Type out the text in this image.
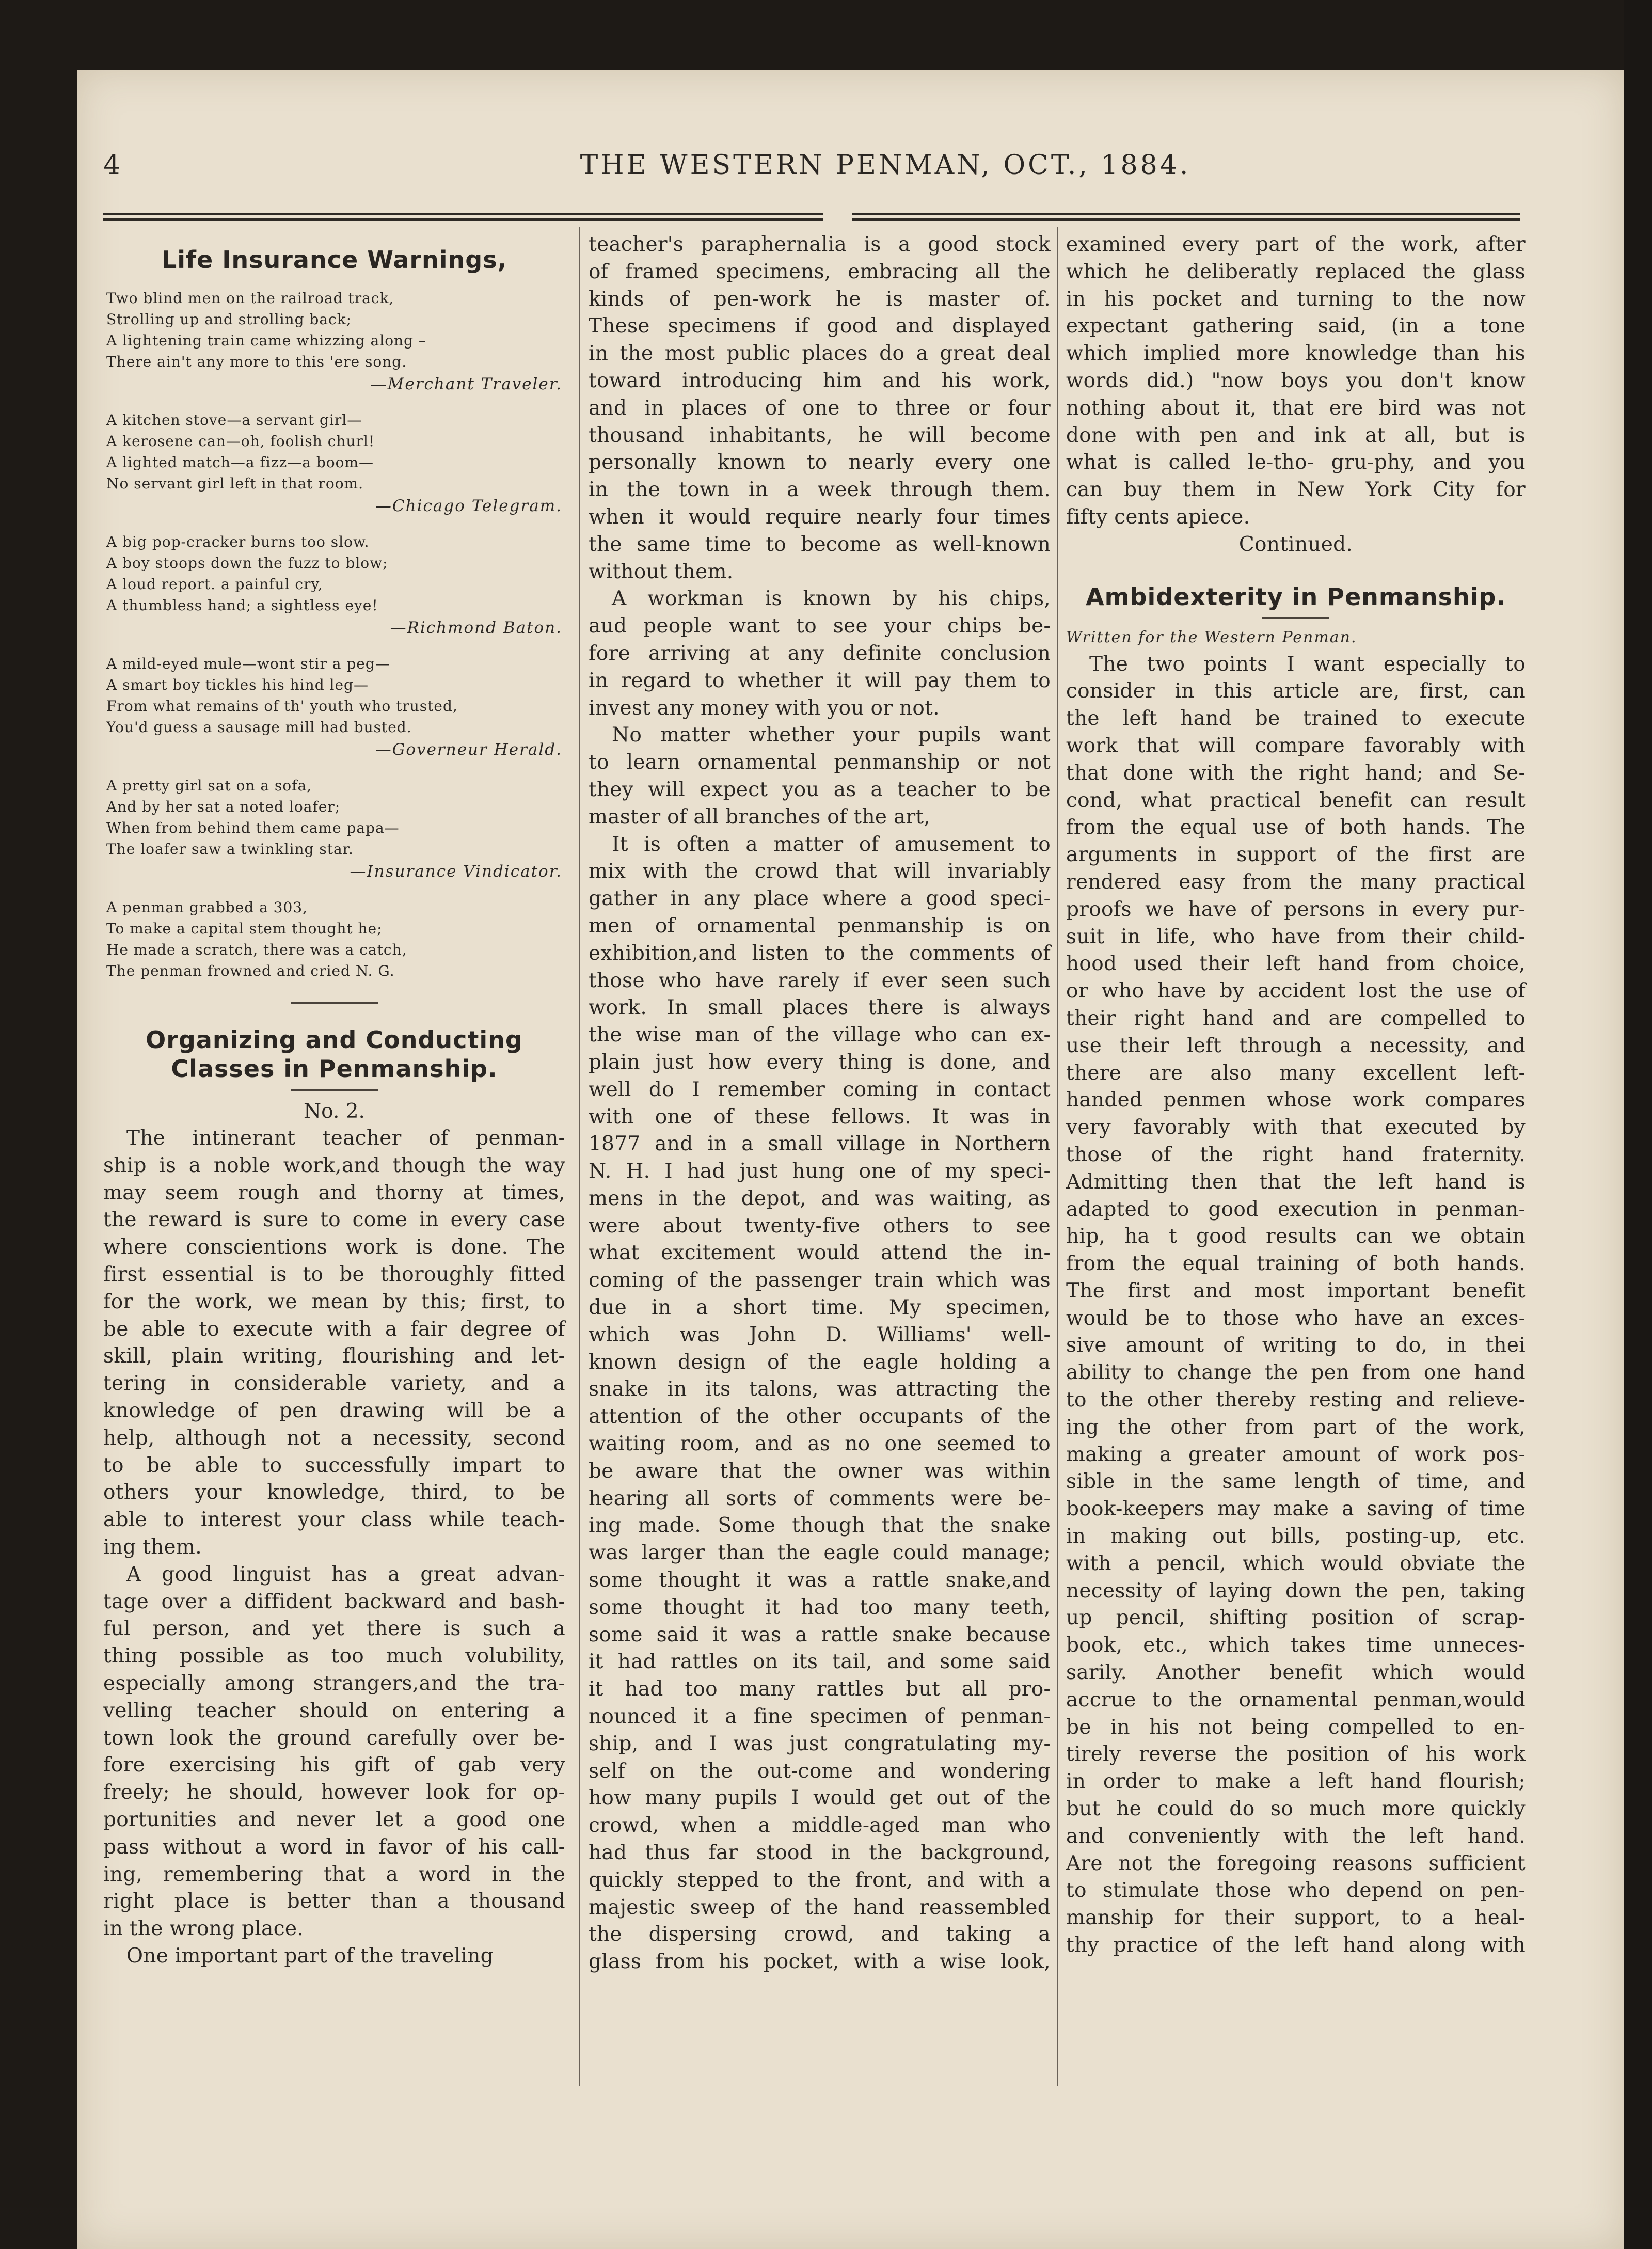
4	THE WESTERN PENMAN, OCT., 1884.
Life Insurance Warnings,
Two blind men on the railroad track,
Strolling up and strolling back;
A lightening train came whizzing along –
There ain't any more to this 'ere song.
—Merchant Traveler.
A kitchen stove—a servant girl—
A kerosene can—oh, foolish churl!
A lighted match—a fizz—a boom—
No servant girl left in that room.
—Chicago Telegram.
A big pop-cracker burns too slow.
A boy stoops down the fuzz to blow;
A loud report. a painful cry,
A thumbless hand; a sightless eye!
—Richmond Baton.
A mild-eyed mule—wont stir a peg—
A smart boy tickles his hind leg—
From what remains of th' youth who trusted,
You'd guess a sausage mill had busted.
—Governeur Herald.
A pretty girl sat on a sofa,
And by her sat a noted loafer;
When from behind them came papa—
The loafer saw a twinkling star.
—Insurance Vindicator.
A penman grabbed a 303,
To make a capital stem thought he;
He made a scratch, there was a catch,
The penman frowned and cried N. G.
Organizing and Conducting
Classes in Penmanship.
No. 2.
The intinerant teacher of penman-
ship is a noble work,and though the way
may seem rough and thorny at times,
the reward is sure to come in every case
where conscientions work is done. The
first essential is to be thoroughly fitted
for the work, we mean by this; first, to
be able to execute with a fair degree of
skill, plain writing, flourishing and let-
tering in considerable variety, and a
knowledge of pen drawing will be a
help, although not a necessity, second
to be able to successfully impart to
others your knowledge, third, to be
able to interest your class while teach-
ing them.
A good linguist has a great advan-
tage over a diffident backward and bash-
ful person, and yet there is such a
thing possible as too much volubility,
especially among strangers,and the tra-
velling teacher should on entering a
town look the ground carefully over be-
fore exercising his gift of gab very
freely; he should, however look for op-
portunities and never let a good one
pass without a word in favor of his call-
ing, remembering that a word in the
right place is better than a thousand
in the wrong place.
One important part of the traveling
teacher's paraphernalia is a good stock
of framed specimens, embracing all the
kinds of pen-work he is master of.
These specimens if good and displayed
in the most public places do a great deal
toward introducing him and his work,
and in places of one to three or four
thousand inhabitants, he will become
personally known to nearly every one
in the town in a week through them.
when it would require nearly four times
the same time to become as well-known
without them.
A workman is known by his chips,
aud people want to see your chips be-
fore arriving at any definite conclusion
in regard to whether it will pay them to
invest any money with you or not.
No matter whether your pupils want
to learn ornamental penmanship or not
they will expect you as a teacher to be
master of all branches of the art,
It is often a matter of amusement to
mix with the crowd that will invariably
gather in any place where a good speci-
men of ornamental penmanship is on
exhibition,and listen to the comments of
those who have rarely if ever seen such
work. In small places there is always
the wise man of the village who can ex-
plain just how every thing is done, and
well do I remember coming in contact
with one of these fellows. It was in
1877 and in a small village in Northern
N. H. I had just hung one of my speci-
mens in the depot, and was waiting, as
were about twenty-five others to see
what excitement would attend the in-
coming of the passenger train which was
due in a short time. My specimen,
which was John D. Williams' well-
known design of the eagle holding a
snake in its talons, was attracting the
attention of the other occupants of the
waiting room, and as no one seemed to
be aware that the owner was within
hearing all sorts of comments were be-
ing made. Some though that the snake
was larger than the eagle could manage;
some thought it was a rattle snake,and
some thought it had too many teeth,
some said it was a rattle snake because
it had rattles on its tail, and some said
it had too many rattles but all pro-
nounced it a fine specimen of penman-
ship, and I was just congratulating my-
self on the out-come and wondering
how many pupils I would get out of the
crowd, when a middle-aged man who
had thus far stood in the background,
quickly stepped to the front, and with a
majestic sweep of the hand reassembled
the dispersing crowd, and taking a
glass from his pocket, with a wise look,
examined every part of the work, after
which he deliberatly replaced the glass
in his pocket and turning to the now
expectant gathering said, (in a tone
which implied more knowledge than his
words did.) "now boys you don't know
nothing about it, that ere bird was not
done with pen and ink at all, but is
what is called le-tho- gru-phy, and you
can buy them in New York City for
fifty cents apiece.
Continued.
Ambidexterity in Penmanship.
Written for the Western Penman.
The two points I want especially to
consider in this article are, first, can
the left hand be trained to execute
work that will compare favorably with
that done with the right hand; and Se-
cond, what practical benefit can result
from the equal use of both hands. The
arguments in support of the first are
rendered easy from the many practical
proofs we have of persons in every pur-
suit in life, who have from their child-
hood used their left hand from choice,
or who have by accident lost the use of
their right hand and are compelled to
use their left through a necessity, and
there are also many excellent left-
handed penmen whose work compares
very favorably with that executed by
those of the right hand fraternity.
Admitting then that the left hand is
adapted to good execution in penman-
hip, ha t good results can we obtain
from the equal training of both hands.
The first and most important benefit
would be to those who have an exces-
sive amount of writing to do, in thei
ability to change the pen from one hand
to the other thereby resting and relieve-
ing the other from part of the work,
making a greater amount of work pos-
sible in the same length of time, and
book-keepers may make a saving of time
in making out bills, posting-up, etc.
with a pencil, which would obviate the
necessity of laying down the pen, taking
up pencil, shifting position of scrap-
book, etc., which takes time unneces-
sarily. Another benefit which would
accrue to the ornamental penman,would
be in his not being compelled to en-
tirely reverse the position of his work
in order to make a left hand flourish;
but he could do so much more quickly
and conveniently with the left hand.
Are not the foregoing reasons sufficient
to stimulate those who depend on pen-
manship for their support, to a heal-
thy practice of the left hand along with
